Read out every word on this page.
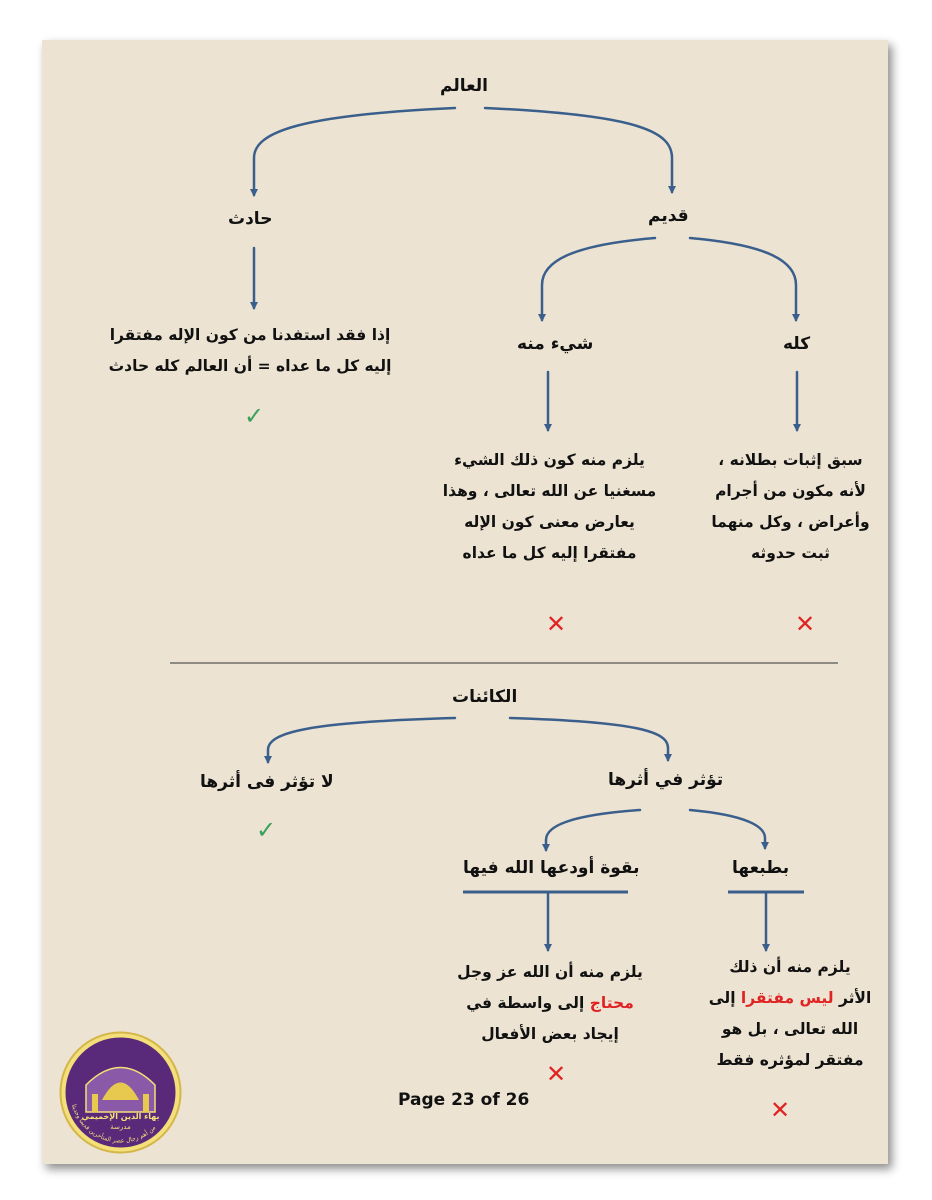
العالم
حادث	قديم
كله
شيء منه
إذا فقد استفدنا من كون الإله مفتقرا
إليه كل ما عداه = أن العالم كله حادث
✓
يلزم منه كون ذلك الشيء
مسغنيا عن الله تعالى ، وهذا
يعارض معنى كون الإله
مفتقرا إليه كل ما عداه
✕
سبق إثبات بطلانه ،
لأنه مكون من أجرام
وأعراض ، وكل منهما
ثبت حدوثه
✕
الكائنات
لا تؤثر فى أثرها	تؤثر في أثرها
بقوة أودعها الله فيها	بطبعها
✓
يلزم منه أن الله عز وجل
محتاج إلى واسطة في
إيجاد بعض الأفعال
✕
يلزم منه أن ذلك
الأثر ليس مفتقرا إلى
الله تعالى ، بل هو
مفتقر لمؤثره فقط
✕
Page 23 of 26
بهاء الدين الإخميمي
مدرسة
من أهم رجال عصر المتأخرين قديما وحديثا
